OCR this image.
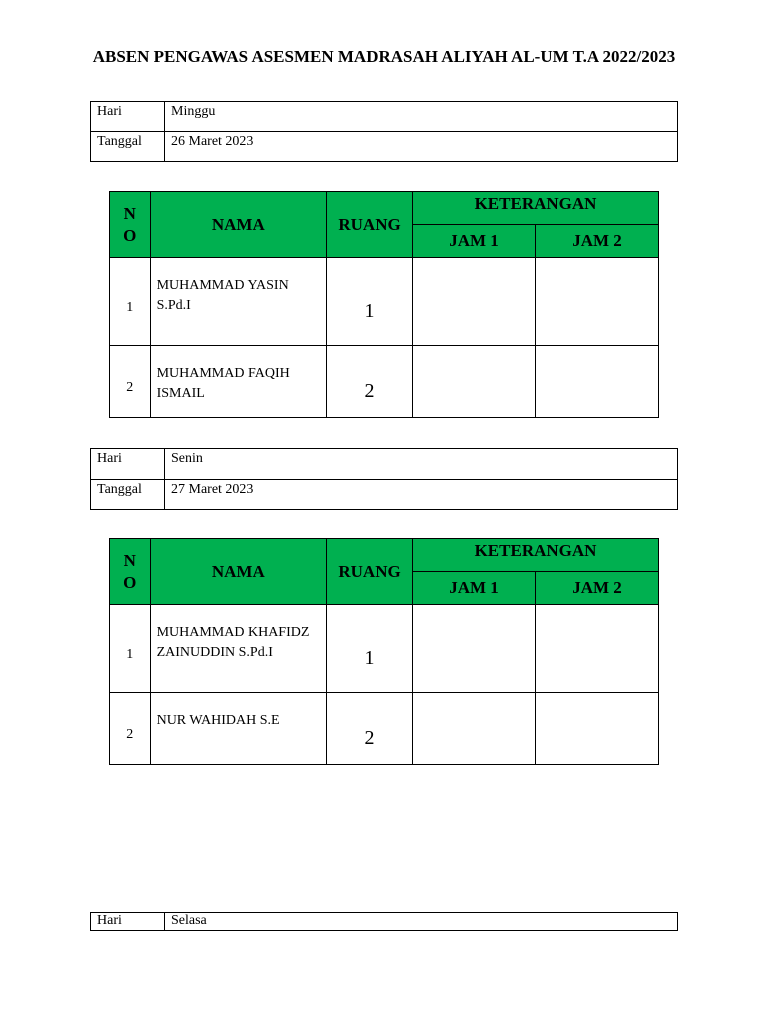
ABSEN PENGAWAS ASESMEN MADRASAH ALIYAH AL-UM T.A 2022/2023
Hari	Minggu
Tanggal	26 Maret 2023
N
O	NAMA	RUANG	KETERANGAN	
			JAM 1	JAM 2
1	MUHAMMAD YASIN S.Pd.I	1		
2	MUHAMMAD FAQIH ISMAIL	2		
Hari	Senin
Tanggal	27 Maret 2023
N
O	NAMA	RUANG	KETERANGAN	
			JAM 1	JAM 2
1	MUHAMMAD KHAFIDZ ZAINUDDIN S.Pd.I	1		
2	NUR WAHIDAH S.E	2		
Hari	Selasa
